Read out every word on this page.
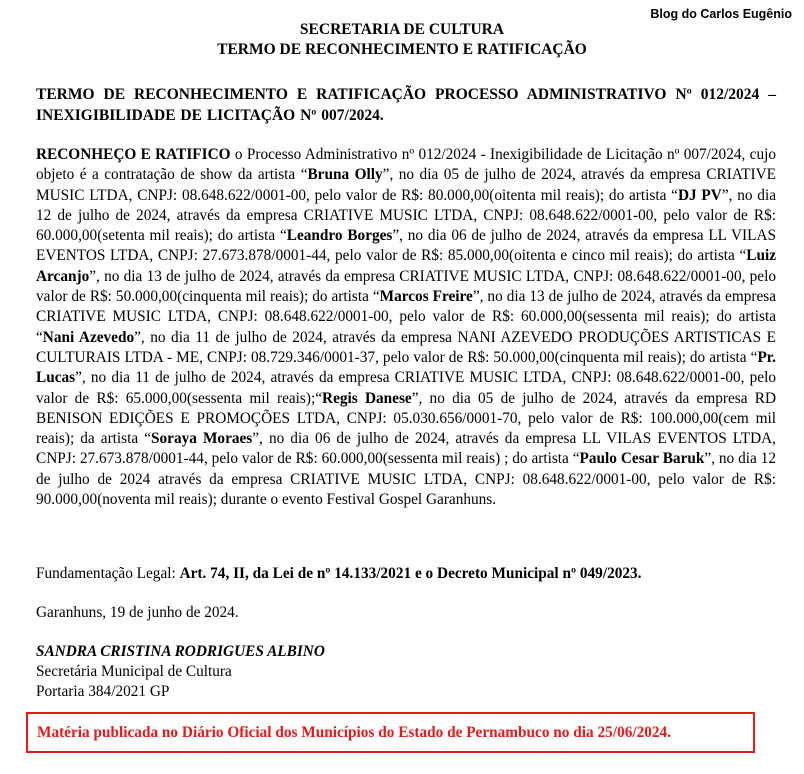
Blog do Carlos Eugênio
SECRETARIA DE CULTURA
TERMO DE RECONHECIMENTO E RATIFICAÇÃO
TERMO DE RECONHECIMENTO E RATIFICAÇÃO PROCESSO ADMINISTRATIVO Nº 012/2024 – INEXIGIBILIDADE DE LICITAÇÃO Nº 007/2024.
RECONHEÇO E RATIFICO o Processo Administrativo nº 012/2024 - Inexigibilidade de Licitação nº 007/2024, cujo objeto é a contratação de show da artista “Bruna Olly”, no dia 05 de julho de 2024, através da empresa CRIATIVE MUSIC LTDA, CNPJ: 08.648.622/0001-00, pelo valor de R$: 80.000,00(oitenta mil reais); do artista “DJ PV”, no dia 12 de julho de 2024, através da empresa CRIATIVE MUSIC LTDA, CNPJ: 08.648.622/0001-00, pelo valor de R$: 60.000,00(setenta mil reais); do artista “Leandro Borges”, no dia 06 de julho de 2024, através da empresa LL VILAS EVENTOS LTDA, CNPJ: 27.673.878/0001-44, pelo valor de R$: 85.000,00(oitenta e cinco mil reais); do artista “Luiz Arcanjo”, no dia 13 de julho de 2024, através da empresa CRIATIVE MUSIC LTDA, CNPJ: 08.648.622/0001-00, pelo valor de R$: 50.000,00(cinquenta mil reais); do artista “Marcos Freire”, no dia 13 de julho de 2024, através da empresa CRIATIVE MUSIC LTDA, CNPJ: 08.648.622/0001-00, pelo valor de R$: 60.000,00(sessenta mil reais); do artista “Nani Azevedo”, no dia 11 de julho de 2024, através da empresa NANI AZEVEDO PRODUÇÕES ARTISTICAS E CULTURAIS LTDA - ME, CNPJ: 08.729.346/0001-37, pelo valor de R$: 50.000,00(cinquenta mil reais); do artista “Pr. Lucas”, no dia 11 de julho de 2024, através da empresa CRIATIVE MUSIC LTDA, CNPJ: 08.648.622/0001-00, pelo valor de R$: 65.000,00(sessenta mil reais);“Regis Danese”, no dia 05 de julho de 2024, através da empresa RD BENISON EDIÇÕES E PROMOÇÕES LTDA, CNPJ: 05.030.656/0001-70, pelo valor de R$: 100.000,00(cem mil reais); da artista “Soraya Moraes”, no dia 06 de julho de 2024, através da empresa LL VILAS EVENTOS LTDA, CNPJ: 27.673.878/0001-44, pelo valor de R$: 60.000,00(sessenta mil reais) ; do artista “Paulo Cesar Baruk”, no dia 12 de julho de 2024 através da empresa CRIATIVE MUSIC LTDA, CNPJ: 08.648.622/0001-00, pelo valor de R$: 90.000,00(noventa mil reais); durante o evento Festival Gospel Garanhuns.
Fundamentação Legal: Art. 74, II, da Lei de nº 14.133/2021 e o Decreto Municipal nº 049/2023.
Garanhuns, 19 de junho de 2024.
SANDRA CRISTINA RODRIGUES ALBINO
Secretária Municipal de Cultura
Portaria 384/2021 GP
Matéria publicada no Diário Oficial dos Municípios do Estado de Pernambuco no dia 25/06/2024.
